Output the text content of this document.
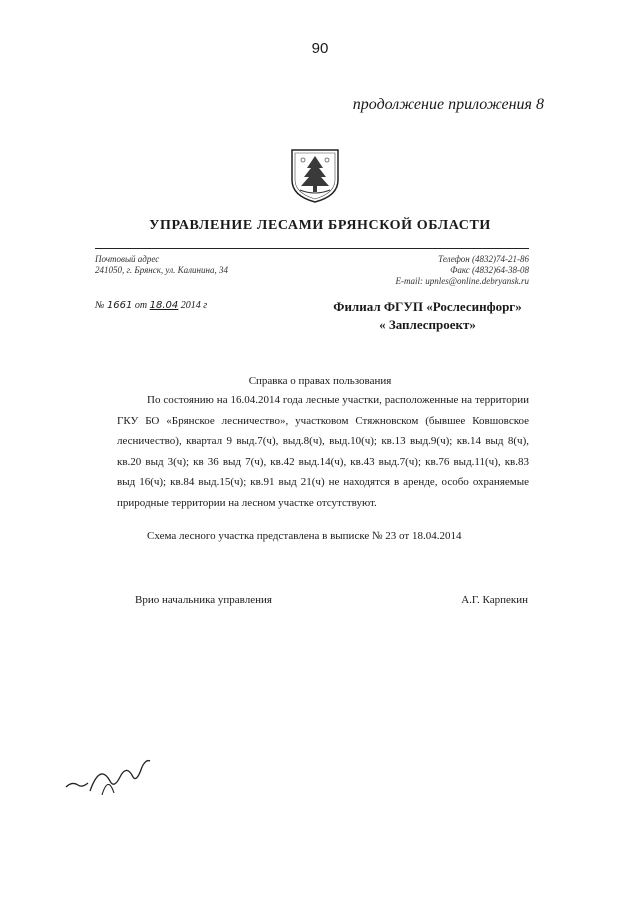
90
продолжение приложения 8
УПРАВЛЕНИЕ ЛЕСАМИ БРЯНСКОЙ ОБЛАСТИ
Почтовый адрес
241050, г. Брянск, ул. Калинина, 34
Телефон (4832)74-21-86
Факс (4832)64-38-08
E-mail: upnles@online.debryansk.ru
№ 1661 от 18.04 2014 г	Филиал ФГУП «Рослесинфорг»
« Заплеспроект»
Справка о правах пользования

По состоянию на 16.04.2014 года лесные участки, расположенные на территории ГКУ БО «Брянское лесничество», участковом Стяжновском (бывшее Ковшовское лесничество), квартал 9 выд.7(ч), выд.8(ч), выд.10(ч); кв.13 выд.9(ч); кв.14 выд 8(ч), кв.20 выд 3(ч); кв 36 выд 7(ч), кв.42 выд.14(ч), кв.43 выд.7(ч); кв.76 выд.11(ч), кв.83 выд 16(ч); кв.84 выд.15(ч); кв.91 выд 21(ч) не находятся в аренде, особо охраняемые природные территории на лесном участке отсутствуют.

Схема лесного участка представлена в выписке № 23 от 18.04.2014
Врио начальника управления	А.Г. Карпекин
